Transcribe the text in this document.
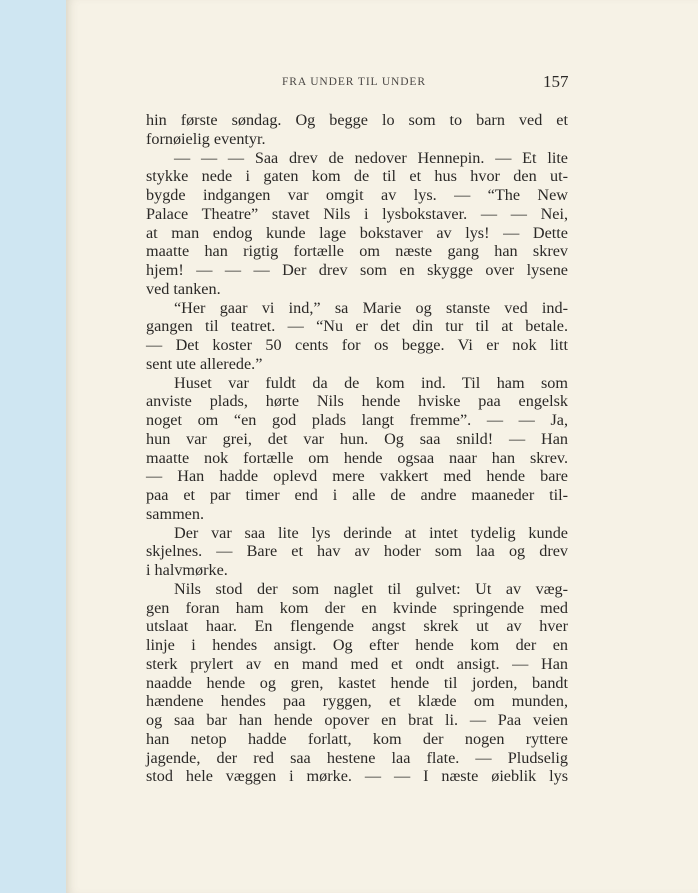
FRA UNDER TIL UNDER	157
hin første søndag. Og begge lo som to barn ved et
fornøielig eventyr.
— — — Saa drev de nedover Hennepin. — Et lite
stykke nede i gaten kom de til et hus hvor den ut-
bygde indgangen var omgit av lys. — “The New
Palace Theatre” stavet Nils i lysbokstaver. — — Nei,
at man endog kunde lage bokstaver av lys! — Dette
maatte han rigtig fortælle om næste gang han skrev
hjem! — — — Der drev som en skygge over lysene
ved tanken.
“Her gaar vi ind,” sa Marie og stanste ved ind-
gangen til teatret. — “Nu er det din tur til at betale.
— Det koster 50 cents for os begge. Vi er nok litt
sent ute allerede.”
Huset var fuldt da de kom ind. Til ham som
anviste plads, hørte Nils hende hviske paa engelsk
noget om “en god plads langt fremme”. — — Ja,
hun var grei, det var hun. Og saa snild! — Han
maatte nok fortælle om hende ogsaa naar han skrev.
— Han hadde oplevd mere vakkert med hende bare
paa et par timer end i alle de andre maaneder til-
sammen.
Der var saa lite lys derinde at intet tydelig kunde
skjelnes. — Bare et hav av hoder som laa og drev
i halvmørke.
Nils stod der som naglet til gulvet: Ut av væg-
gen foran ham kom der en kvinde springende med
utslaat haar. En flengende angst skrek ut av hver
linje i hendes ansigt. Og efter hende kom der en
sterk prylert av en mand med et ondt ansigt. — Han
naadde hende og gren, kastet hende til jorden, bandt
hændene hendes paa ryggen, et klæde om munden,
og saa bar han hende opover en brat li. — Paa veien
han netop hadde forlatt, kom der nogen ryttere
jagende, der red saa hestene laa flate. — Pludselig
stod hele væggen i mørke. — — I næste øieblik lys
